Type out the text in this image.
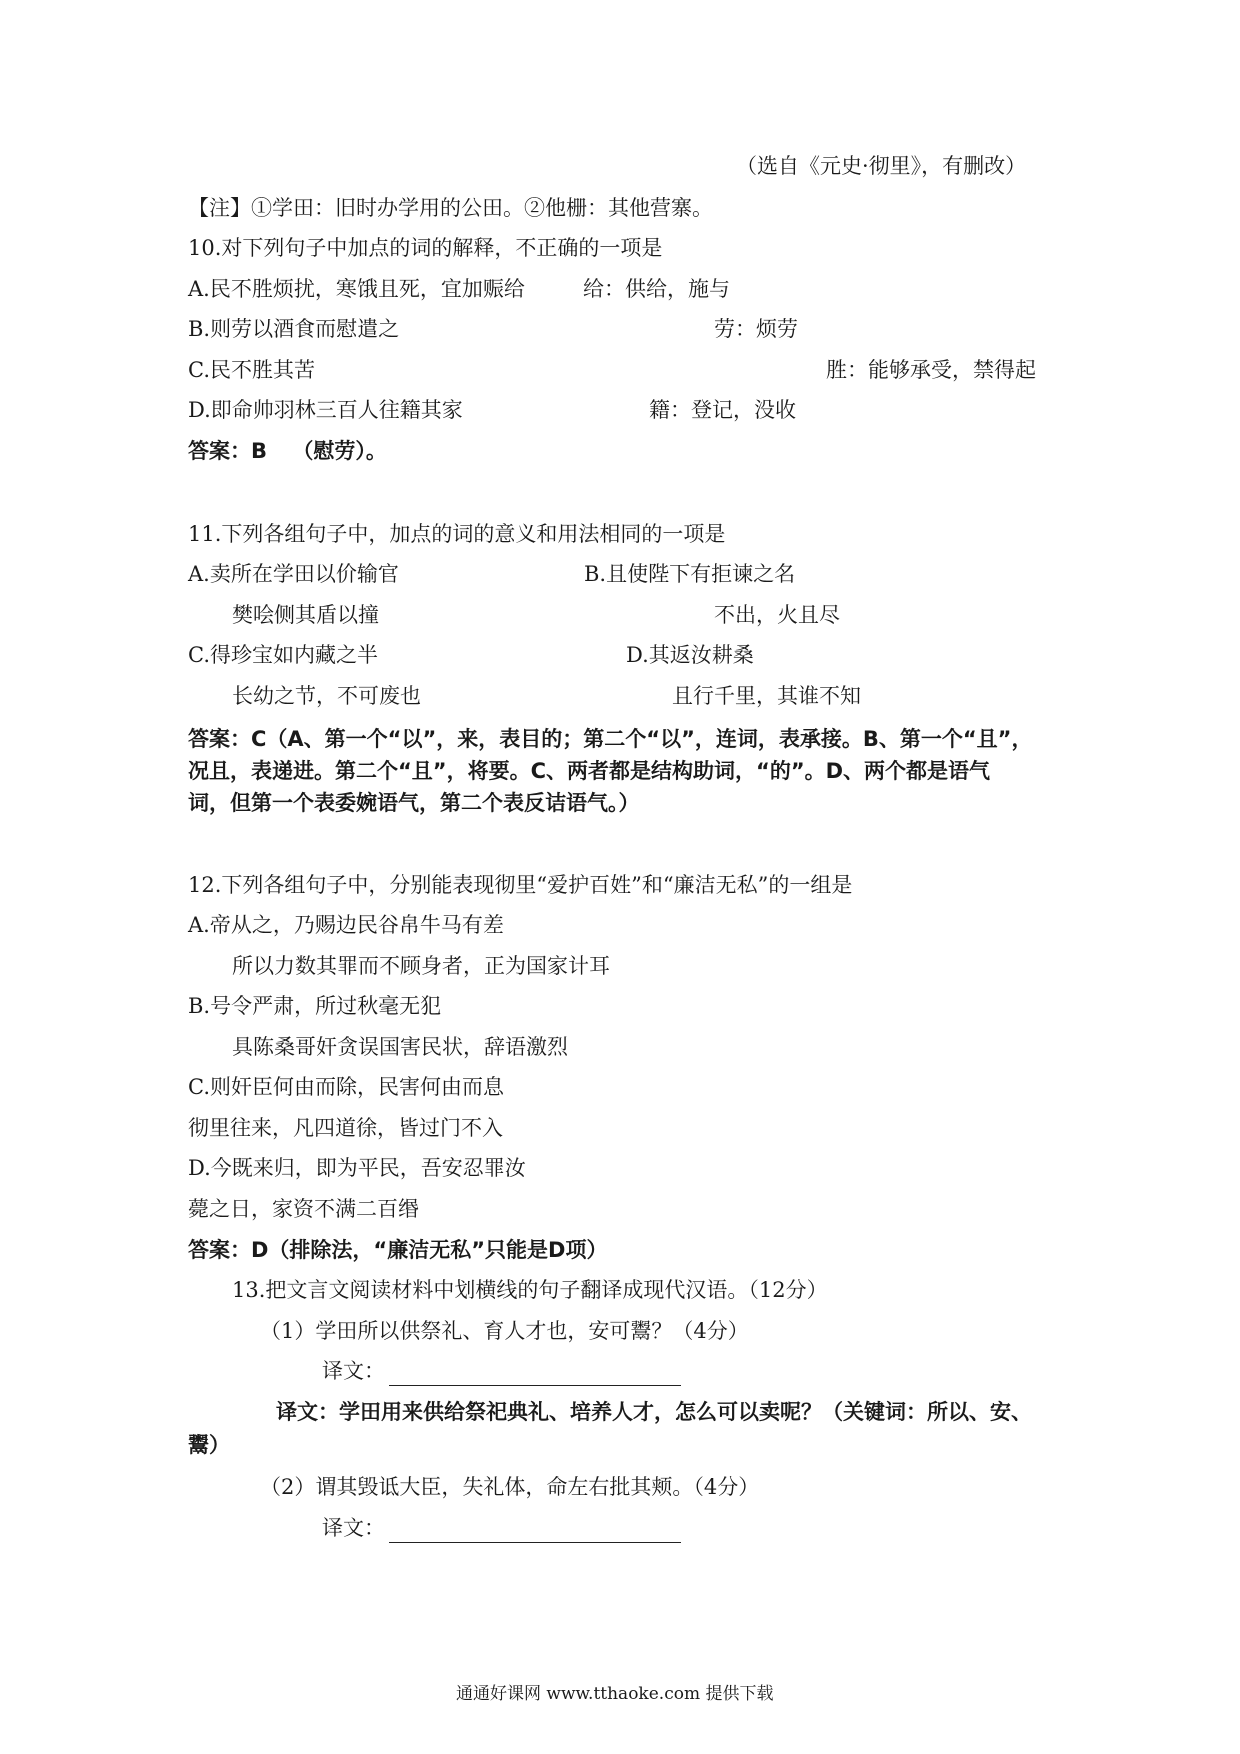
（选自《元史·彻里》，有删改）
【注】①学田：旧时办学用的公田。②他栅：其他营寨。
10.对下列句子中加点的词的解释，不正确的一项是
A.民不胜烦扰，寒饿且死，宜加赈给	给：供给，施与
B.则劳以酒食而慰遣之	劳：烦劳
C.民不胜其苦	胜：能够承受，禁得起
D.即命帅羽林三百人往籍其家	籍：登记，没收
答案：B （慰劳）。
11.下列各组句子中，加点的词的意义和用法相同的一项是
A.卖所在学田以价输官	B.且使陛下有拒谏之名
樊哙侧其盾以撞	不出，火且尽
C.得珍宝如内藏之半	D.其返汝耕桑
长幼之节，不可废也	且行千里，其谁不知
答案：C（A、第一个“以”，来，表目的；第二个“以”，连词，表承接。B、第一个“且”，
况且，表递进。第二个“且”，将要。C、两者都是结构助词，“的”。D、两个都是语气
词，但第一个表委婉语气，第二个表反诘语气。）
12.下列各组句子中，分别能表现彻里“爱护百姓”和“廉洁无私”的一组是
A.帝从之，乃赐边民谷帛牛马有差
所以力数其罪而不顾身者，正为国家计耳
B.号令严肃，所过秋毫无犯
具陈桑哥奸贪误国害民状，辞语激烈
C.则奸臣何由而除，民害何由而息
彻里往来，凡四道徐，皆过门不入
D.今既来归，即为平民，吾安忍罪汝
薨之日，家资不满二百缗
答案：D（排除法，“廉洁无私”只能是D项）
13.把文言文阅读材料中划横线的句子翻译成现代汉语。（12分）
（1）学田所以供祭礼、育人才也，安可鬻？（4分）
译文：
译文：学田用来供给祭祀典礼、培养人才，怎么可以卖呢？（关键词：所以、安、
鬻）
（2）谓其毁诋大臣，失礼体，命左右批其颊。（4分）
译文：
通通好课网 www.tthaoke.com 提供下载
